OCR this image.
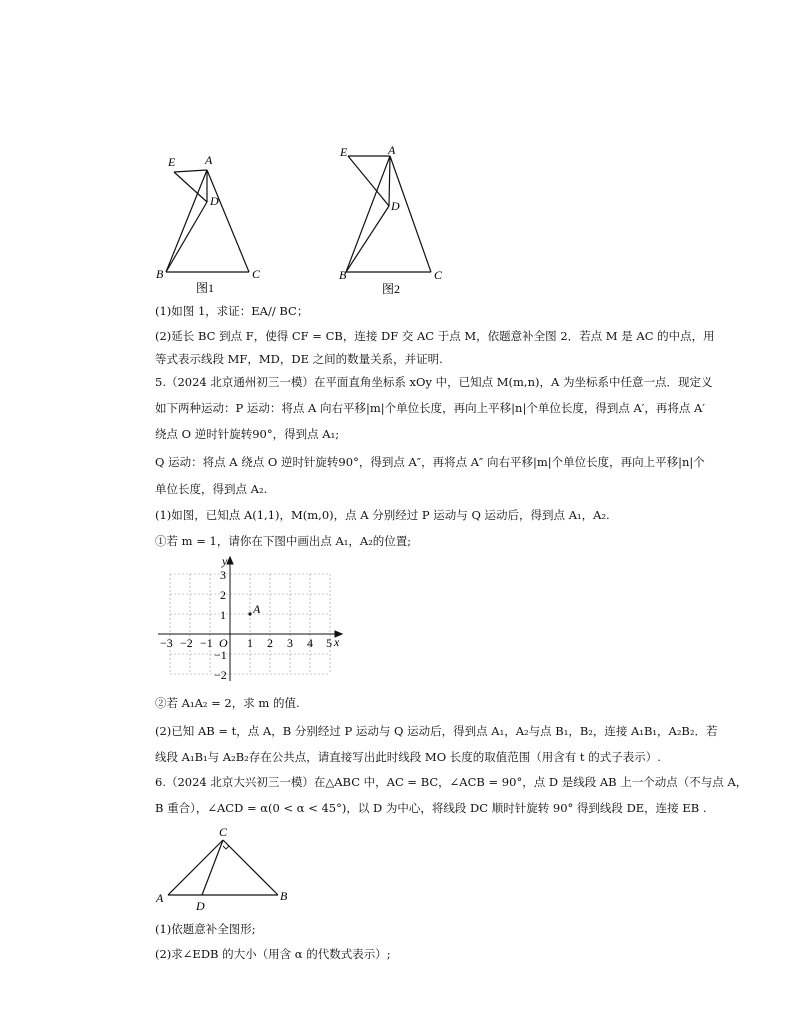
E A
D
B	C
图1
E	A
D
B	C
图2
(1)如图 1，求证：EA// BC；
(2)延长 BC 到点 F，使得 CF = CB，连接 DF 交 AC 于点 M，依题意补全图 2．若点 M 是 AC 的中点，用
等式表示线段 MF，MD，DE 之间的数量关系，并证明.
5.（2024 北京通州初三一模）在平面直角坐标系 xOy 中，已知点 M(m,n)，A 为坐标系中任意一点．现定义
如下两种运动：P 运动：将点 A 向右平移|m|个单位长度，再向上平移|n|个单位长度，得到点 A′，再将点 A′
绕点 O 逆时针旋转90°，得到点 A₁;
Q 运动：将点 A 绕点 O 逆时针旋转90°，得到点 A″，再将点 A″ 向右平移|m|个单位长度，再向上平移|n|个
单位长度，得到点 A₂.
(1)如图，已知点 A(1,1)，M(m,0)，点 A 分别经过 P 运动与 Q 运动后，得到点 A₁，A₂.
①若 m = 1，请你在下图中画出点 A₁，A₂的位置;
A
y
x
O
−3 −2 −1	1 2 3 4 5
3
2
1
−1
−2
②若 A₁A₂ = 2，求 m 的值.
(2)已知 AB = t，点 A，B 分别经过 P 运动与 Q 运动后，得到点 A₁，A₂与点 B₁，B₂，连接 A₁B₁，A₂B₂．若
线段 A₁B₁与 A₂B₂存在公共点，请直接写出此时线段 MO 长度的取值范围（用含有 t 的式子表示）.
6.（2024 北京大兴初三一模）在△ABC 中，AC = BC，∠ACB = 90°，点 D 是线段 AB 上一个动点（不与点 A，
B 重合），∠ACD = α(0 < α < 45°)，以 D 为中心，将线段 DC 顺时针旋转 90° 得到线段 DE，连接 EB .
C
A
D
B
(1)依题意补全图形;
(2)求∠EDB 的大小（用含 α 的代数式表示）;
